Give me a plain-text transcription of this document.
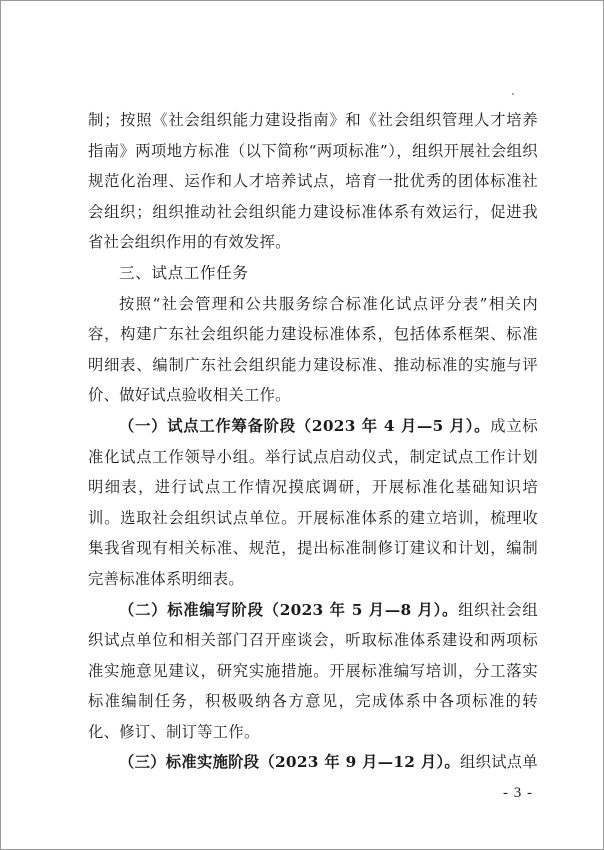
制；按照《社会组织能力建设指南》和《社会组织管理人才培养指南》两项地方标准（以下简称“两项标准”），组织开展社会组织规范化治理、运作和人才培养试点，培育一批优秀的团体标准社会组织；组织推动社会组织能力建设标准体系有效运行，促进我省社会组织作用的有效发挥。

三、试点工作任务

按照“社会管理和公共服务综合标准化试点评分表”相关内容，构建广东社会组织能力建设标准体系，包括体系框架、标准明细表、编制广东社会组织能力建设标准、推动标准的实施与评价、做好试点验收相关工作。

（一）试点工作筹备阶段（2023 年 4 月—5 月）。成立标准化试点工作领导小组。举行试点启动仪式，制定试点工作计划明细表，进行试点工作情况摸底调研，开展标准化基础知识培训。选取社会组织试点单位。开展标准体系的建立培训，梳理收集我省现有相关标准、规范，提出标准制修订建议和计划，编制完善标准体系明细表。

（二）标准编写阶段（2023 年 5 月—8 月）。组织社会组织试点单位和相关部门召开座谈会，听取标准体系建设和两项标准实施意见建议，研究实施措施。开展标准编写培训，分工落实标准编制任务，积极吸纳各方意见，完成体系中各项标准的转化、修订、制订等工作。

（三）标准实施阶段（2023 年 9 月—12 月）。组织试点单

- 3 -
